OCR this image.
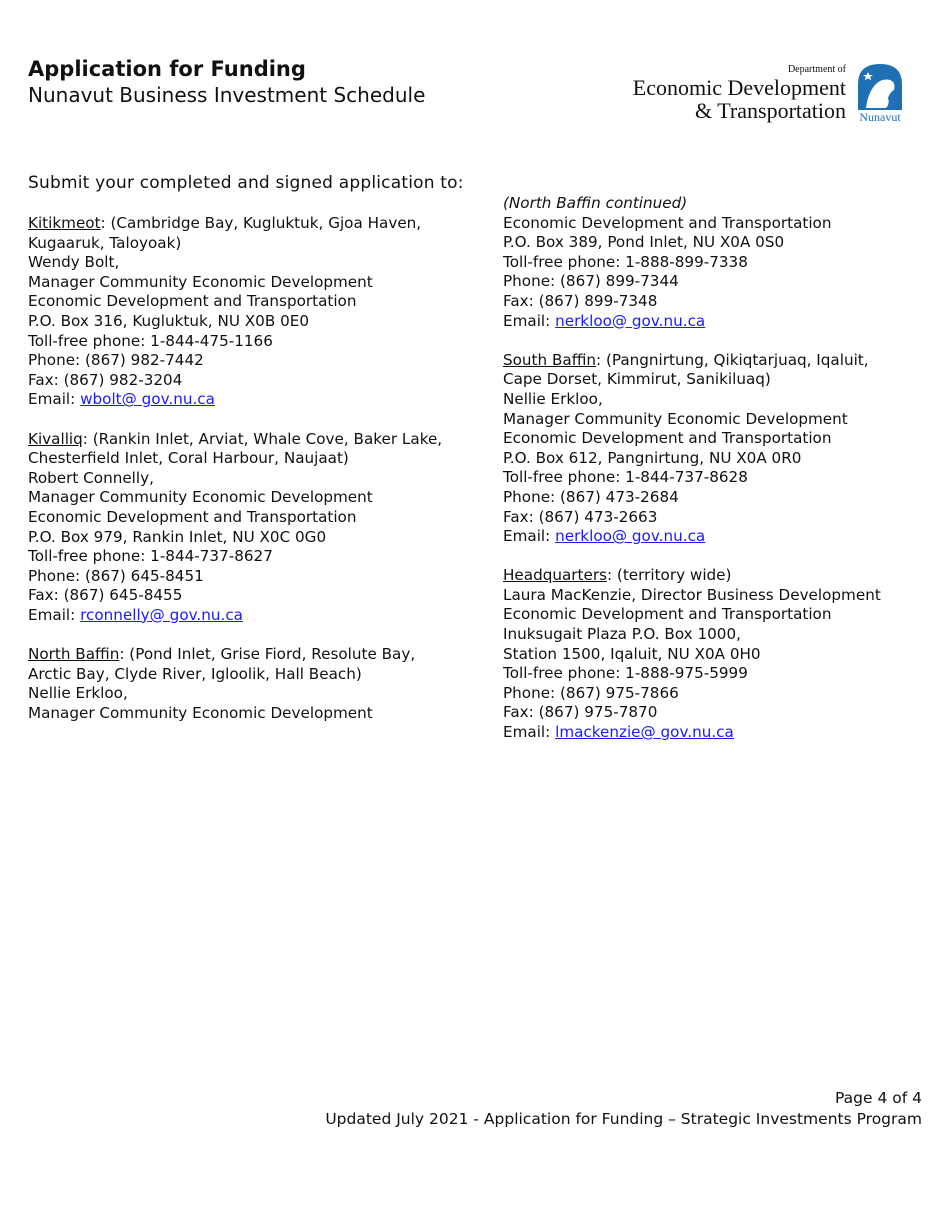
Application for Funding
Nunavut Business Investment Schedule
Department of
Economic Development
& Transportation Nunavut
Submit your completed and signed application to:
Kitikmeot: (Cambridge Bay, Kugluktuk, Gjoa Haven,
Kugaaruk, Taloyoak)
Wendy Bolt,
Manager Community Economic Development
Economic Development and Transportation
P.O. Box 316, Kugluktuk, NU X0B 0E0
Toll-free phone: 1-844-475-1166
Phone: (867) 982-7442
Fax: (867) 982-3204
Email: wbolt@ gov.nu.ca
Kivalliq: (Rankin Inlet, Arviat, Whale Cove, Baker Lake,
Chesterfield Inlet, Coral Harbour, Naujaat)
Robert Connelly,
Manager Community Economic Development
Economic Development and Transportation
P.O. Box 979, Rankin Inlet, NU X0C 0G0
Toll-free phone: 1-844-737-8627
Phone: (867) 645-8451
Fax: (867) 645-8455
Email: rconnelly@ gov.nu.ca
North Baffin: (Pond Inlet, Grise Fiord, Resolute Bay,
Arctic Bay, Clyde River, Igloolik, Hall Beach)
Nellie Erkloo,
Manager Community Economic Development
(North Baffin continued)
Economic Development and Transportation
P.O. Box 389, Pond Inlet, NU X0A 0S0
Toll-free phone: 1-888-899-7338
Phone: (867) 899-7344
Fax: (867) 899-7348
Email: nerkloo@ gov.nu.ca
South Baffin: (Pangnirtung, Qikiqtarjuaq, Iqaluit,
Cape Dorset, Kimmirut, Sanikiluaq)
Nellie Erkloo,
Manager Community Economic Development
Economic Development and Transportation
P.O. Box 612, Pangnirtung, NU X0A 0R0
Toll-free phone: 1-844-737-8628
Phone: (867) 473-2684
Fax: (867) 473-2663
Email: nerkloo@ gov.nu.ca
Headquarters: (territory wide)
Laura MacKenzie, Director Business Development
Economic Development and Transportation
Inuksugait Plaza P.O. Box 1000,
Station 1500, Iqaluit, NU X0A 0H0
Toll-free phone: 1-888-975-5999
Phone: (867) 975-7866
Fax: (867) 975-7870
Email: lmackenzie@ gov.nu.ca
Page 4 of 4
Updated July 2021 - Application for Funding – Strategic Investments Program
